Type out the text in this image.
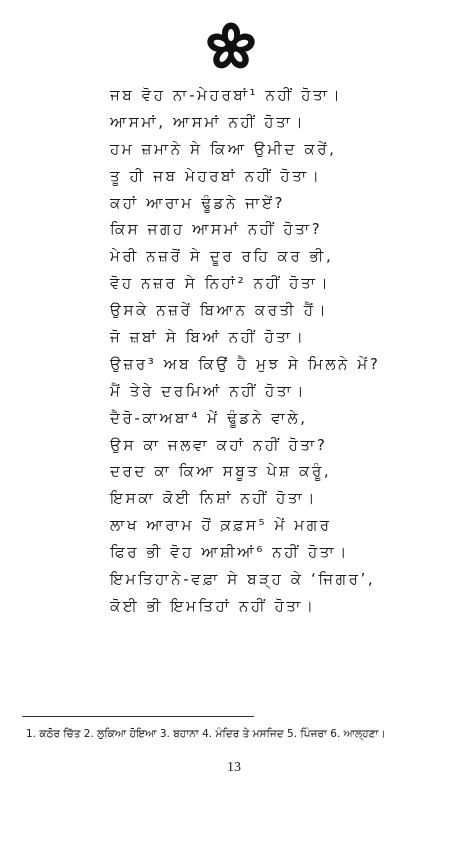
ਜਬ ਵੋਹ ਨਾ-ਮੇਹਰਬਾਂ¹ ਨਹੀਂ ਹੋਤਾ।
ਆਸਮਾਂ, ਆਸਮਾਂ ਨਹੀਂ ਹੋਤਾ।
ਹਮ ਜ਼ਮਾਨੇ ਸੇ ਕਿਆ ਉਮੀਦ ਕਰੇਂ,
ਤੂ ਹੀ ਜਬ ਮੇਹਰਬਾਂ ਨਹੀਂ ਹੋਤਾ।
ਕਹਾਂ ਆਰਾਮ ਢੂੰਡਨੇ ਜਾਏਂ?
ਕਿਸ ਜਗਹ ਆਸਮਾਂ ਨਹੀਂ ਹੋਤਾ?
ਮੇਰੀ ਨਜ਼ਰੋਂ ਸੇ ਦੂਰ ਰਹਿ ਕਰ ਭੀ,
ਵੋਹ ਨਜ਼ਰ ਸੇ ਨਿਹਾਂ² ਨਹੀਂ ਹੋਤਾ।
ਉਸਕੇ ਨਜ਼ਰੇਂ ਬਿਆਨ ਕਰਤੀ ਹੈਂ।
ਜੋ ਜ਼ਬਾਂ ਸੇ ਬਿਆਂ ਨਹੀਂ ਹੋਤਾ।
ਉਜ਼ਰ³ ਅਬ ਕਿਉਂ ਹੈ ਮੁਝ ਸੇ ਮਿਲਨੇ ਮੇਂ?
ਮੈਂ ਤੇਰੇ ਦਰਮਿਆਂ ਨਹੀਂ ਹੋਤਾ।
ਦੈਰੋ-ਕਾਅਬਾ⁴ ਮੇਂ ਢੂੰਡਨੇ ਵਾਲੇ,
ਉਸ ਕਾ ਜਲਵਾ ਕਹਾਂ ਨਹੀਂ ਹੋਤਾ?
ਦਰਦ ਕਾ ਕਿਆ ਸਬੂਤ ਪੇਸ਼ ਕਰੂੰ,
ਇਸਕਾ ਕੋਈ ਨਿਸ਼ਾਂ ਨਹੀਂ ਹੋਤਾ।
ਲਾਖ ਆਰਾਮ ਹੋਂ ਕ਼ਫ਼ਸ⁵ ਮੇਂ ਮਗਰ
ਫਿਰ ਭੀ ਵੋਹ ਆਸ਼ੀਆਂ⁶ ਨਹੀਂ ਹੋਤਾ।
ਇਮਤਿਹਾਨੇ-ਵਫ਼ਾ ਸੇ ਬੜ੍ਹ ਕੇ ‘ਜਿਗਰ’,
ਕੋਈ ਭੀ ਇਮਤਿਹਾਂ ਨਹੀਂ ਹੋਤਾ।
1. ਕਠੋਰ ਚਿੱਤ 2. ਲੁਕਿਆ ਹੋਇਆ 3. ਬਹਾਨਾ 4. ਮੰਦਿਰ ਤੇ ਮਸਜਿਦ 5. ਪਿੰਜਰਾ 6. ਆਲ੍ਹਣਾ।
13
